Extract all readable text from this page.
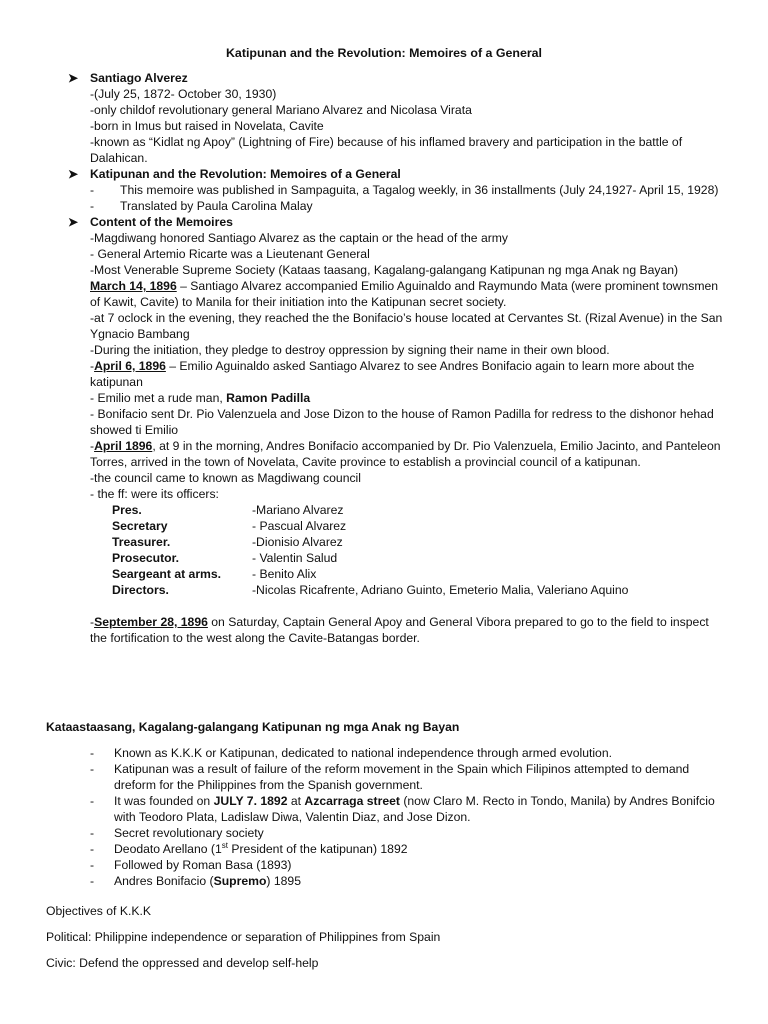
Katipunan and the Revolution: Memoires of a General
➤ Santiago Alverez
-(July 25, 1872- October 30, 1930)
-only childof revolutionary general Mariano Alvarez and Nicolasa Virata
-born in Imus but raised in Novelata, Cavite
-known as “Kidlat ng Apoy” (Lightning of Fire) because of his inflamed bravery and participation in the battle of Dalahican.
➤ Katipunan and the Revolution: Memoires of a General
- This memoire was published in Sampaguita, a Tagalog weekly, in 36 installments (July 24,1927- April 15, 1928)
- Translated by Paula Carolina Malay
➤ Content of the Memoires
-Magdiwang honored Santiago Alvarez as the captain or the head of the army
- General Artemio Ricarte was a Lieutenant General
-Most Venerable Supreme Society (Kataas taasang, Kagalang-galangang Katipunan ng mga Anak ng Bayan)
March 14, 1896 – Santiago Alvarez accompanied Emilio Aguinaldo and Raymundo Mata (were prominent townsmen of Kawit, Cavite) to Manila for their initiation into the Katipunan secret society.
-at 7 oclock in the evening, they reached the the Bonifacio’s house located at Cervantes St. (Rizal Avenue) in the San Ygnacio Bambang
-During the initiation, they pledge to destroy oppression by signing their name in their own blood.
-April 6, 1896 – Emilio Aguinaldo asked Santiago Alvarez to see Andres Bonifacio again to learn more about the katipunan
- Emilio met a rude man, Ramon Padilla
- Bonifacio sent Dr. Pio Valenzuela and Jose Dizon to the house of Ramon Padilla for redress to the dishonor hehad showed ti Emilio
-April 1896, at 9 in the morning, Andres Bonifacio accompanied by Dr. Pio Valenzuela, Emilio Jacinto, and Panteleon Torres, arrived in the town of Novelata, Cavite province to establish a provincial council of a katipunan.
-the council came to known as Magdiwang council
- the ff: were its officers:
Pres.	-Mariano Alvarez
Secretary	- Pascual Alvarez
Treasurer.	-Dionisio Alvarez
Prosecutor.	- Valentin Salud
Seargeant at arms.	- Benito Alix
Directors.	-Nicolas Ricafrente, Adriano Guinto, Emeterio Malia, Valeriano Aquino
-September 28, 1896 on Saturday, Captain General Apoy and General Vibora prepared to go to the field to inspect the fortification to the west along the Cavite-Batangas border.
Kataastaasang, Kagalang-galangang Katipunan ng mga Anak ng Bayan
- Known as K.K.K or Katipunan, dedicated to national independence through armed evolution.
- Katipunan was a result of failure of the reform movement in the Spain which Filipinos attempted to demand dreform for the Philippines from the Spanish government.
- It was founded on JULY 7. 1892 at Azcarraga street (now Claro M. Recto in Tondo, Manila) by Andres Bonifcio with Teodoro Plata, Ladislaw Diwa, Valentin Diaz, and Jose Dizon.
- Secret revolutionary society
- Deodato Arellano (1st President of the katipunan) 1892
- Followed by Roman Basa (1893)
- Andres Bonifacio (Supremo) 1895
Objectives of K.K.K
Political: Philippine independence or separation of Philippines from Spain
Civic: Defend the oppressed and develop self-help
